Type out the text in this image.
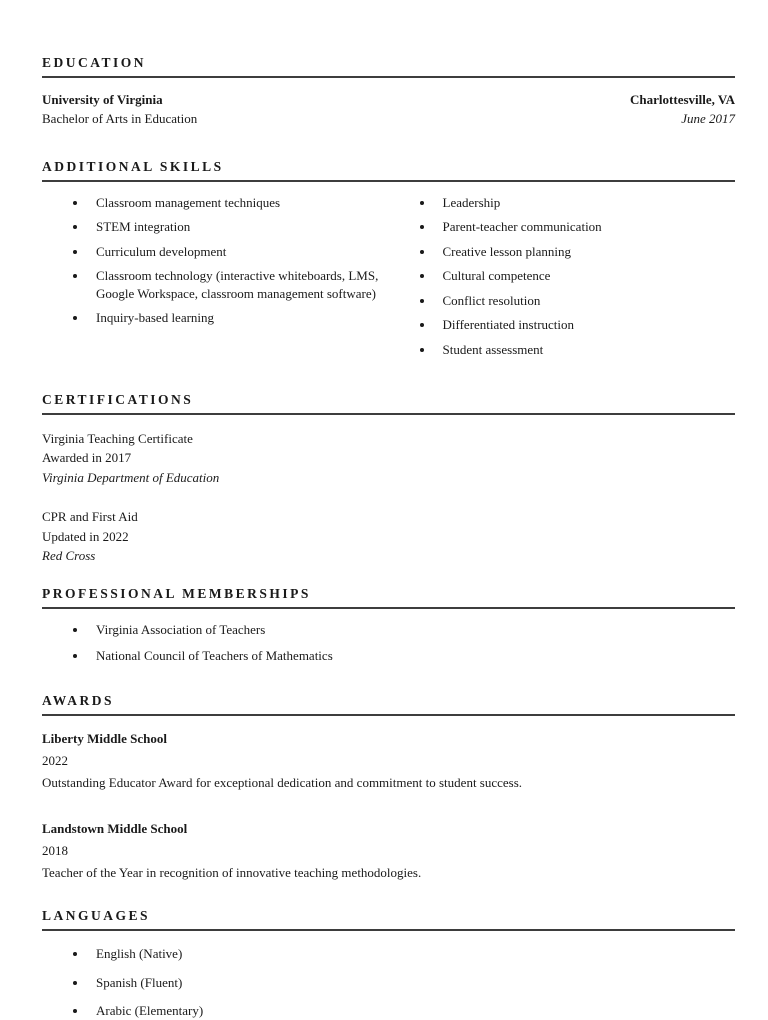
EDUCATION
University of Virginia	Charlottesville, VA
Bachelor of Arts in Education	June 2017
ADDITIONAL SKILLS
• Classroom management techniques
• STEM integration
• Curriculum development
• Classroom technology (interactive whiteboards, LMS, Google Workspace, classroom management software)
• Inquiry-based learning
• Leadership
• Parent-teacher communication
• Creative lesson planning
• Cultural competence
• Conflict resolution
• Differentiated instruction
• Student assessment
CERTIFICATIONS
Virginia Teaching Certificate
Awarded in 2017
Virginia Department of Education
CPR and First Aid
Updated in 2022
Red Cross
PROFESSIONAL MEMBERSHIPS
• Virginia Association of Teachers
• National Council of Teachers of Mathematics
AWARDS
Liberty Middle School
2022
Outstanding Educator Award for exceptional dedication and commitment to student success.
Landstown Middle School
2018
Teacher of the Year in recognition of innovative teaching methodologies.
LANGUAGES
• English (Native)
• Spanish (Fluent)
• Arabic (Elementary)
